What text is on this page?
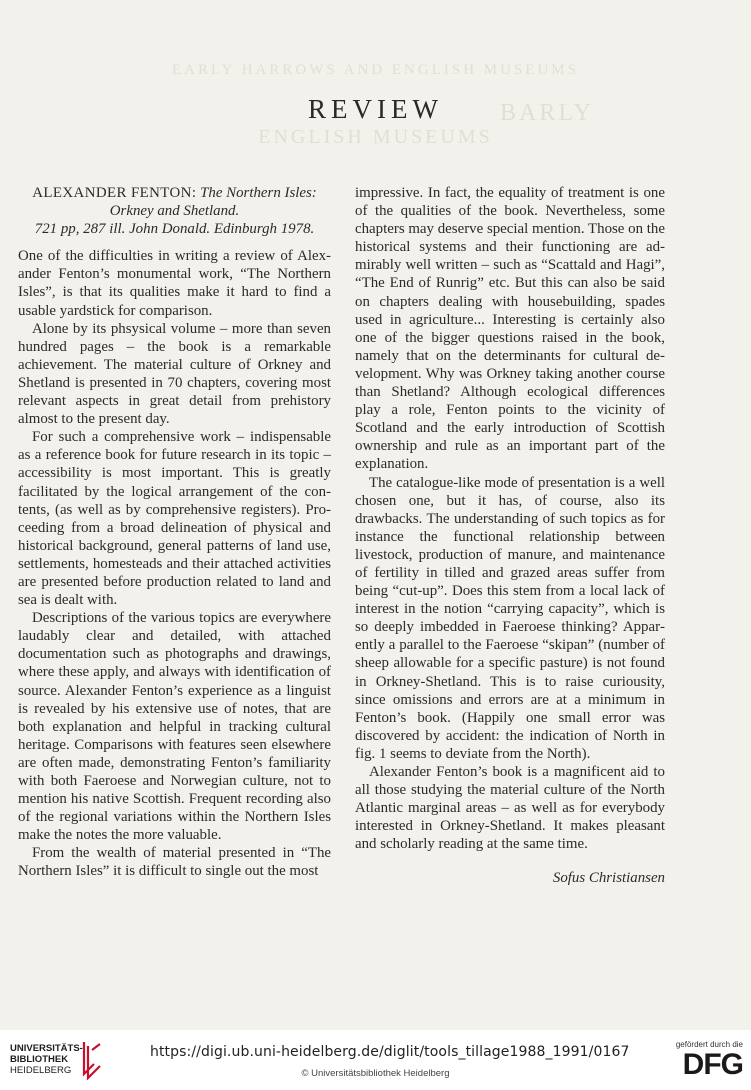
EARLY HARROWS AND ENGLISH MUSEUMS
BARLY
ENGLISH MUSEUMS
REVIEW
ALEXANDER FENTON: The Northern Isles:
Orkney and Shetland.
721 pp, 287 ill. John Donald. Edinburgh 1978.

One of the difficulties in writing a review of Alexander Fenton’s monumental work, “The Northern Isles”, is that its qualities make it hard to find a usable yardstick for comparison.

Alone by its phsysical volume – more than seven hundred pages – the book is a remarkable achievement. The material culture of Orkney and Shetland is presented in 70 chapters, covering most relevant aspects in great detail from prehistory almost to the present day.

For such a comprehensive work – indispensable as a reference book for future research in its topic – accessibility is most important. This is greatly facilitated by the logical arrangement of the contents, (as well as by comprehensive registers). Proceeding from a broad delineation of physical and historical background, general patterns of land use, settlements, homesteads and their attached activities are presented before production related to land and sea is dealt with.

Descriptions of the various topics are everywhere laudably clear and detailed, with attached documentation such as photographs and drawings, where these apply, and always with identification of source. Alexander Fenton’s experience as a linguist is revealed by his extensive use of notes, that are both explanation and helpful in tracking cultural heritage. Comparisons with features seen elsewhere are often made, demonstrating Fenton’s familiarity with both Faeroese and Norwegian culture, not to mention his native Scottish. Frequent recording also of the regional variations within the Northern Isles make the notes the more valuable.

From the wealth of material presented in “The Northern Isles” it is difficult to single out the most

impressive. In fact, the equality of treatment is one of the qualities of the book. Nevertheless, some chapters may deserve special mention. Those on the historical systems and their functioning are admirably well written – such as “Scattald and Hagi”, “The End of Runrig” etc. But this can also be said on chapters dealing with housebuilding, spades used in agriculture... Interesting is certainly also one of the bigger questions raised in the book, namely that on the determinants for cultural development. Why was Orkney taking another course than Shetland? Although ecological differences play a role, Fenton points to the vicinity of Scotland and the early introduction of Scottish ownership and rule as an important part of the explanation.

The catalogue-like mode of presentation is a well chosen one, but it has, of course, also its drawbacks. The understanding of such topics as for instance the functional relationship between livestock, production of manure, and maintenance of fertility in tilled and grazed areas suffer from being “cut-up”. Does this stem from a local lack of interest in the notion “carrying capacity”, which is so deeply imbedded in Faeroese thinking? Apparently a parallel to the Faeroese “skipan” (number of sheep allowable for a specific pasture) is not found in Orkney-Shetland. This is to raise curiousity, since omissions and errors are at a minimum in Fenton’s book. (Happily one small error was discovered by accident: the indication of North in fig. 1 seems to deviate from the North).

Alexander Fenton’s book is a magnificent aid to all those studying the material culture of the North Atlantic marginal areas – as well as for everybody interested in Orkney-Shetland. It makes pleasant and scholarly reading at the same time.

Sofus Christiansen
UNIVERSITÄTS-
BIBLIOTHEK
HEIDELBERG
https://digi.ub.uni-heidelberg.de/diglit/tools_tillage1988_1991/0167
© Universitätsbibliothek Heidelberg
gefördert durch die
DFG
